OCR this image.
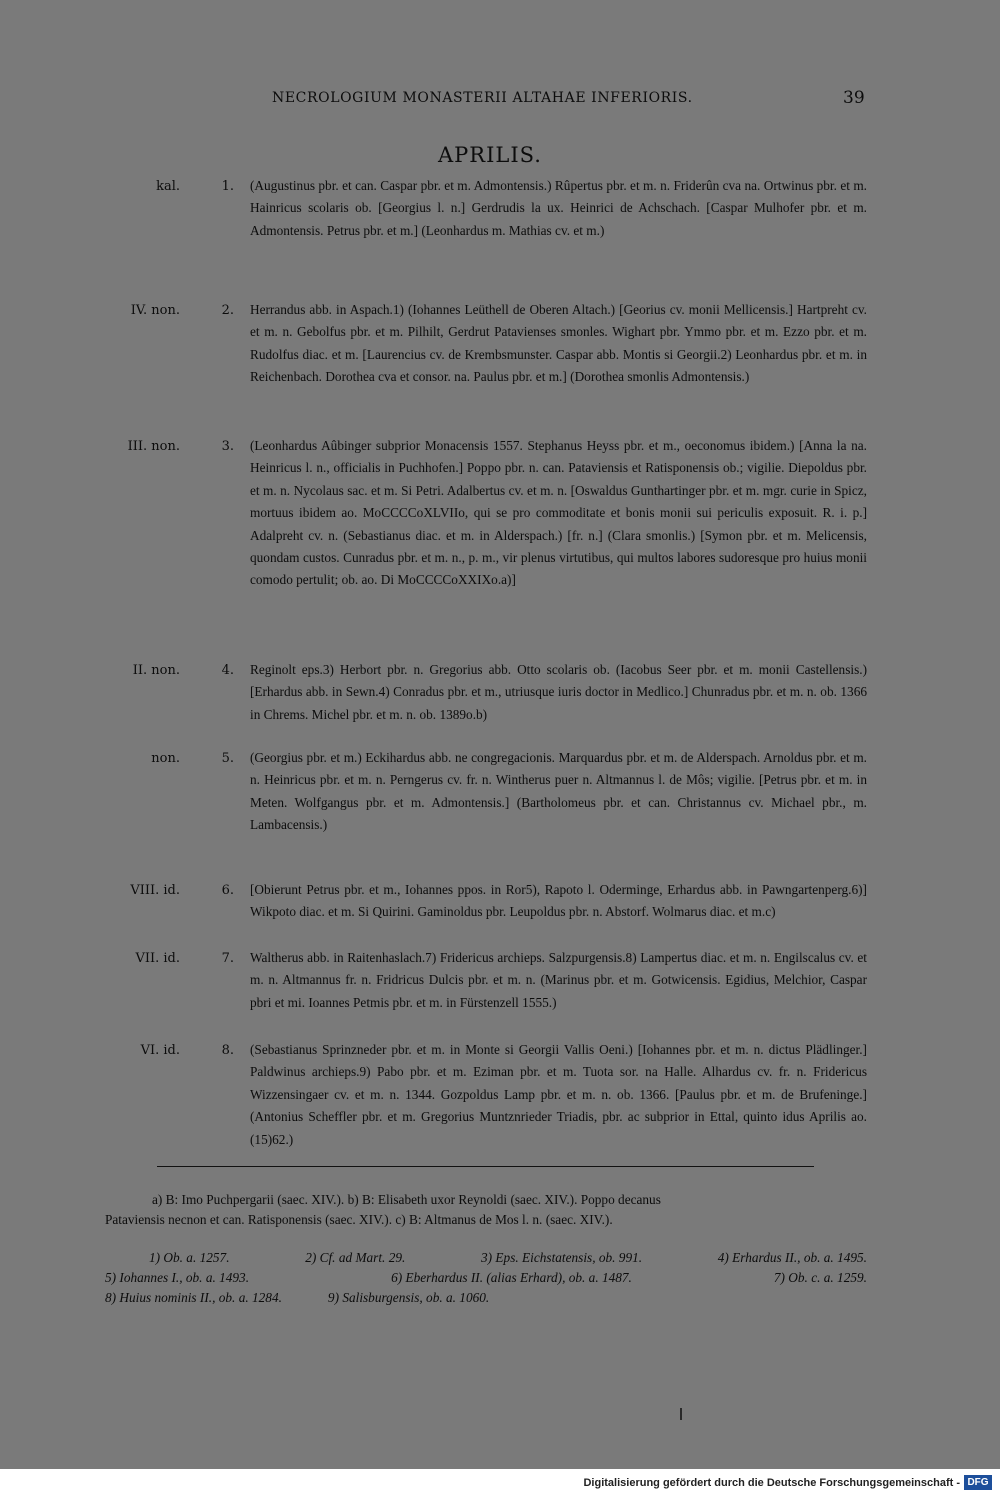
NECROLOGIUM MONASTERII ALTAHAE INFERIORIS.	39
APRILIS.
kal.	1. (Augustinus pbr. et can. Caspar pbr. et m. Admontensis.) Rûpertus pbr. et m. n. Friderûn cva na. Ortwinus pbr. et m. Hainricus scolaris ob. [Georgius l. n.] Gerdrudis la ux. Heinrici de Achschach. [Caspar Mulhofer pbr. et m. Admontensis. Petrus pbr. et m.] (Leonhardus m. Mathias cv. et m.)
IV. non.	2. Herrandus abb. in Aspach.1) (Iohannes Leüthell de Oberen Altach.) [Georius cv. monii Mellicensis.] Hartpreht cv. et m. n. Gebolfus pbr. et m. Pilhilt, Gerdrut Patavienses smonles. Wighart pbr. Ymmo pbr. et m. Ezzo pbr. et m. Rudolfus diac. et m. [Laurencius cv. de Krembsmunster. Caspar abb. Montis si Georgii.2) Leonhardus pbr. et m. in Reichenbach. Dorothea cva et consor. na. Paulus pbr. et m.] (Dorothea smonlis Admontensis.)
III. non.	3. (Leonhardus Aûbinger subprior Monacensis 1557. Stephanus Heyss pbr. et m., oeconomus ibidem.) [Anna la na. Heinricus l. n., officialis in Puchhofen.] Poppo pbr. n. can. Pataviensis et Ratisponensis ob.; vigilie. Diepoldus pbr. et m. n. Nycolaus sac. et m. Si Petri. Adalbertus cv. et m. n. [Oswaldus Gunthartinger pbr. et m. mgr. curie in Spicz, mortuus ibidem ao. MoCCCCoXLVIIo, qui se pro commoditate et bonis monii sui periculis exposuit. R. i. p.] Adalpreht cv. n. (Sebastianus diac. et m. in Alderspach.) [fr. n.] (Clara smonlis.) [Symon pbr. et m. Melicensis, quondam custos. Cunradus pbr. et m. n., p. m., vir plenus virtutibus, qui multos labores sudoresque pro huius monii comodo pertulit; ob. ao. Di MoCCCCoXXIXo.a)]
II. non.	4. Reginolt eps.3) Herbort pbr. n. Gregorius abb. Otto scolaris ob. (Iacobus Seer pbr. et m. monii Castellensis.) [Erhardus abb. in Sewn.4) Conradus pbr. et m., utriusque iuris doctor in Medlico.] Chunradus pbr. et m. n. ob. 1366 in Chrems. Michel pbr. et m. n. ob. 1389o.b)
non.	5. (Georgius pbr. et m.) Eckihardus abb. ne congregacionis. Marquardus pbr. et m. de Alderspach. Arnoldus pbr. et m. n. Heinricus pbr. et m. n. Perngerus cv. fr. n. Wintherus puer n. Altmannus l. de Môs; vigilie. [Petrus pbr. et m. in Meten. Wolfgangus pbr. et m. Admontensis.] (Bartholomeus pbr. et can. Christannus cv. Michael pbr., m. Lambacensis.)
VIII. id.	6. [Obierunt Petrus pbr. et m., Iohannes ppos. in Ror5), Rapoto l. Oderminge, Erhardus abb. in Pawngartenperg.6)] Wikpoto diac. et m. Si Quirini. Gaminoldus pbr. Leupoldus pbr. n. Abstorf. Wolmarus diac. et m.c)
VII. id.	7. Waltherus abb. in Raitenhaslach.7) Fridericus archieps. Salzpurgensis.8) Lampertus diac. et m. n. Engilscalus cv. et m. n. Altmannus fr. n. Fridricus Dulcis pbr. et m. n. (Marinus pbr. et m. Gotwicensis. Egidius, Melchior, Caspar pbri et mi. Ioannes Petmis pbr. et m. in Fürstenzell 1555.)
VI. id.	8. (Sebastianus Sprinzneder pbr. et m. in Monte si Georgii Vallis Oeni.) [Iohannes pbr. et m. n. dictus Plädlinger.] Paldwinus archieps.9) Pabo pbr. et m. Eziman pbr. et m. Tuota sor. na Halle. Alhardus cv. fr. n. Fridericus Wizzensingaer cv. et m. n. 1344. Gozpoldus Lamp pbr. et m. n. ob. 1366. [Paulus pbr. et m. de Brufeninge.] (Antonius Scheffler pbr. et m. Gregorius Muntznrieder Triadis, pbr. ac subprior in Ettal, quinto idus Aprilis ao. (15)62.)
a) B: Imo Puchpergarii (saec. XIV.). b) B: Elisabeth uxor Reynoldi (saec. XIV.). Poppo decanus
Pataviensis necnon et can. Ratisponensis (saec. XIV.). c) B: Altmanus de Mos l. n. (saec. XIV.).
1) Ob. a. 1257.	2) Cf. ad Mart. 29.	3) Eps. Eichstatensis, ob. 991.	4) Erhardus II., ob. a. 1495.
5) Iohannes I., ob. a. 1493.	6) Eberhardus II. (alias Erhard), ob. a. 1487.	7) Ob. c. a. 1259.
8) Huius nominis II., ob. a. 1284.	9) Salisburgensis, ob. a. 1060.
Digitalisierung gefördert durch die Deutsche Forschungsgemeinschaft - DFG
